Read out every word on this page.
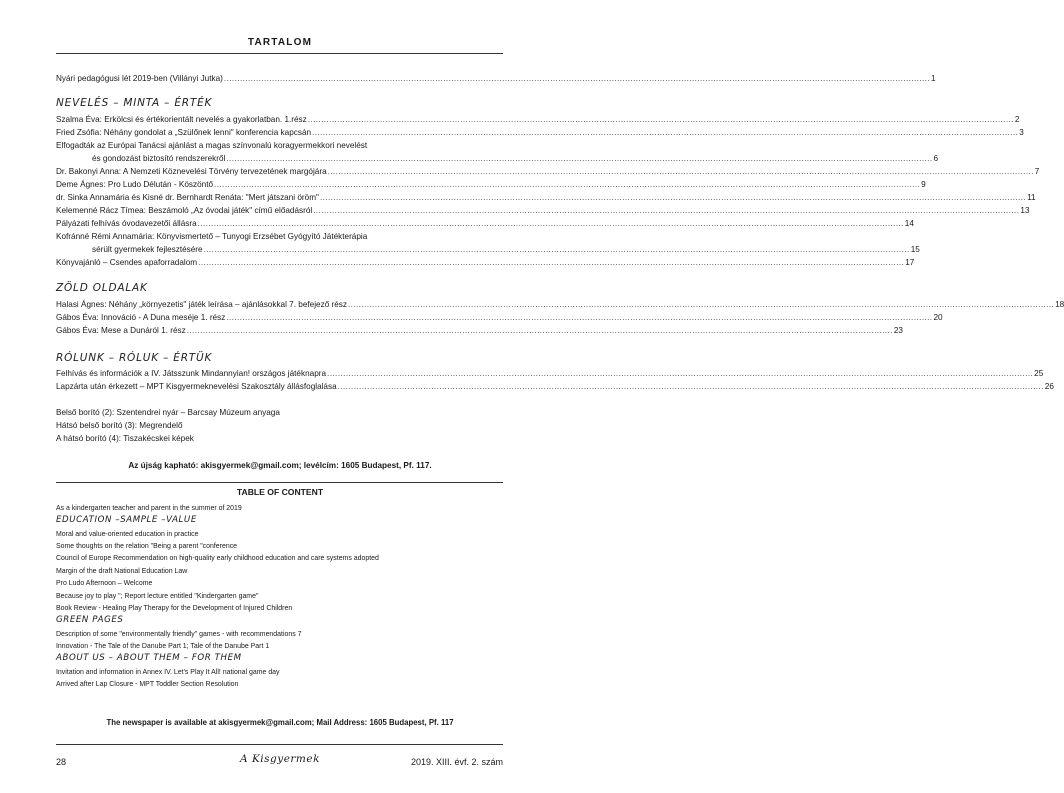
TARTALOM
Nyári pedagógusi lét 2019-ben (Villányi Jutka) .....	1
NEVELÉS – MINTA – ÉRTÉK
Szalma Éva: Erkölcsi és értékorientált nevelés a gyakorlatban. 1.rész .....	2
Fried Zsófia: Néhány gondolat a „Szülőnek lenni" konferencia kapcsán .....	3
Elfogadták az Európai Tanácsi ajánlást a magas színvonalú koragyermekkori nevelést
és gondozást biztosító rendszerekről .....	6
Dr. Bakonyi Anna: A Nemzeti Köznevelési Törvény tervezetének margójára .....	7
Deme Ágnes: Pro Ludo Délután - Köszöntő .....	9
dr. Sinka Annamária és Kisné dr. Bernhardt Renáta: "Mert játszani öröm" .....	11
Kelemenné Rácz Tímea: Beszámoló „Az óvodai játék" című előadásról .....	13
Pályázati felhívás óvodavezetői állásra .....	14
Kofránné Rémi Annamária: Könyvismertető – Tunyogi Erzsébet Gyógyító Játékterápia
sérült gyermekek fejlesztésére .....	15
Könyvajánló – Csendes apaforradalom .....	17
ZÖLD OLDALAK
Halasi Ágnes: Néhány „környezetis" játék leírása – ajánlásokkal 7. befejező rész .....	18
Gábos Éva: Innováció - A Duna meséje 1. rész .....	20
Gábos Éva: Mese a Dunáról 1. rész .....	23
RÓLUNK – RÓLUK – ÉRTÜK
Felhívás és információk a IV. Játsszunk Mindannyian! országos játéknapra .....	25
Lapzárta után érkezett – MPT Kisgyermeknevelési Szakosztály állásfoglalása .....	26
Belső borító (2): Szentendrei nyár – Barcsay Múzeum anyaga
Hátsó belső borító (3): Megrendelő
A hátsó borító (4): Tiszakécskei képek
Az újság kapható: akisgyermek@gmail.com; levélcím: 1605 Budapest, Pf. 117.
TABLE OF CONTENT
As a kindergarten teacher and parent in the summer of 2019
EDUCATION –SAMPLE –VALUE
Moral and value-oriented education in practice
Some thoughts on the relation "Being a parent "conference
Council of Europe Recommendation on high-quality early childhood education and care systems adopted
Margin of the draft National Education Law
Pro Ludo Afternoon – Welcome
Because joy to play "; Report lecture entitled "Kindergarten game"
Book Review - Healing Play Therapy for the Development of Injured Children
GREEN PAGES
Description of some "environmentally friendly" games - with recommendations 7
Innovation - The Tale of the Danube Part 1; Tale of the Danube Part 1
ABOUT US – ABOUT THEM – FOR THEM
Invitation and information in Annex IV. Let's Play It All! national game day
Arrived after Lap Closure - MPT Toddler Section Resolution
The newspaper is available at akisgyermek@gmail.com; Mail Address: 1605 Budapest, Pf. 117
28	A Kisgyermek	2019. XIII. évf. 2. szám
